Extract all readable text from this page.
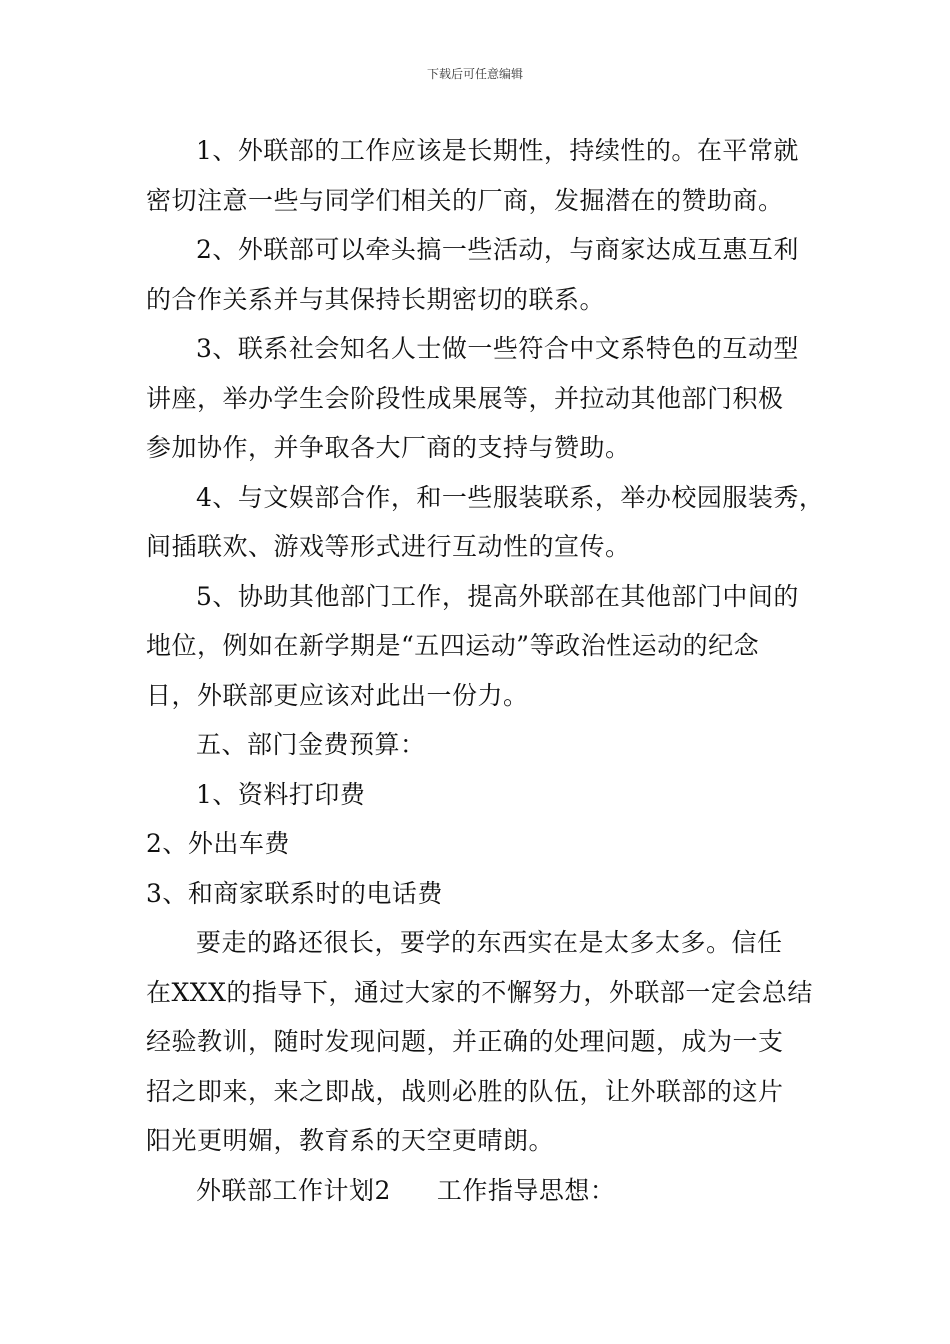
下载后可任意编辑
1、外联部的工作应该是长期性，持续性的。在平常就
密切注意一些与同学们相关的厂商，发掘潜在的赞助商。
2、外联部可以牵头搞一些活动，与商家达成互惠互利
的合作关系并与其保持长期密切的联系。
3、联系社会知名人士做一些符合中文系特色的互动型
讲座，举办学生会阶段性成果展等，并拉动其他部门积极
参加协作，并争取各大厂商的支持与赞助。
4、与文娱部合作，和一些服装联系，举办校园服装秀，
间插联欢、游戏等形式进行互动性的宣传。
5、协助其他部门工作，提高外联部在其他部门中间的
地位，例如在新学期是“五四运动”等政治性运动的纪念
日，外联部更应该对此出一份力。
五、部门金费预算：
1、资料打印费
2、外出车费
3、和商家联系时的电话费
要走的路还很长，要学的东西实在是太多太多。信任
在XXX的指导下，通过大家的不懈努力，外联部一定会总结
经验教训，随时发现问题，并正确的处理问题，成为一支
招之即来，来之即战，战则必胜的队伍，让外联部的这片
阳光更明媚，教育系的天空更晴朗。
外联部工作计划2 工作指导思想：
